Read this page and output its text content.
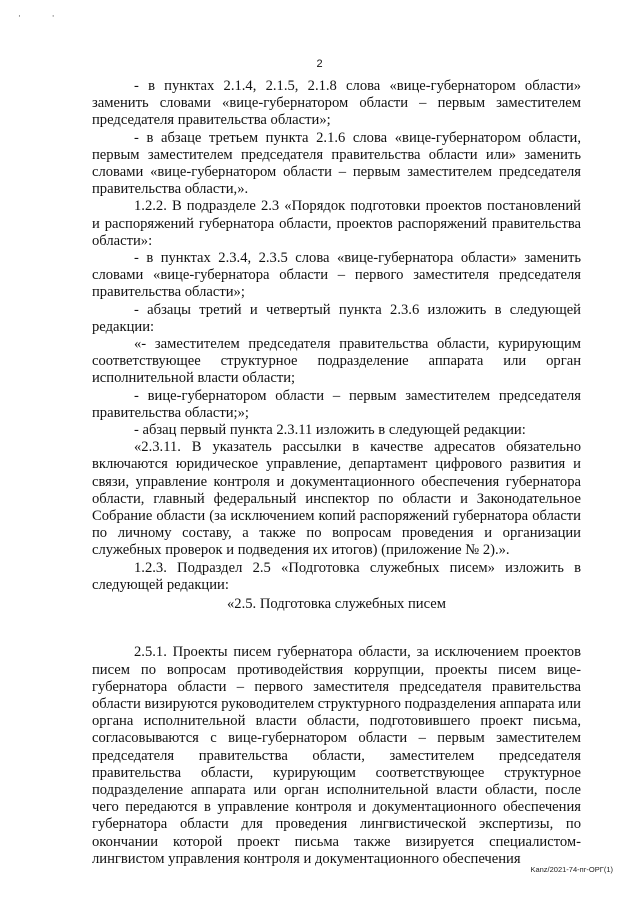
· ·
2

- в пунктах 2.1.4, 2.1.5, 2.1.8 слова «вице-губернатором области» заменить словами «вице-губернатором области – первым заместителем председателя правительства области»;

- в абзаце третьем пункта 2.1.6 слова «вице-губернатором области, первым заместителем председателя правительства области или» заменить словами «вице-губернатором области – первым заместителем председателя правительства области,».

1.2.2. В подразделе 2.3 «Порядок подготовки проектов постановлений и распоряжений губернатора области, проектов распоряжений правительства области»:

- в пунктах 2.3.4, 2.3.5 слова «вице-губернатора области» заменить словами «вице-губернатора области – первого заместителя председателя правительства области»;

- абзацы третий и четвертый пункта 2.3.6 изложить в следующей редакции:

«- заместителем председателя правительства области, курирующим соответствующее структурное подразделение аппарата или орган исполнительной власти области;

- вице-губернатором области – первым заместителем председателя правительства области;»;

- абзац первый пункта 2.3.11 изложить в следующей редакции:

«2.3.11. В указатель рассылки в качестве адресатов обязательно включаются юридическое управление, департамент цифрового развития и связи, управление контроля и документационного обеспечения губернатора области, главный федеральный инспектор по области и Законодательное Собрание области (за исключением копий распоряжений губернатора области по личному составу, а также по вопросам проведения и организации служебных проверок и подведения их итогов) (приложение № 2).».

1.2.3. Подраздел 2.5 «Подготовка служебных писем» изложить в следующей редакции:

«2.5. Подготовка служебных писем

2.5.1. Проекты писем губернатора области, за исключением проектов писем по вопросам противодействия коррупции, проекты писем вице-губернатора области – первого заместителя председателя правительства области визируются руководителем структурного подразделения аппарата или органа исполнительной власти области, подготовившего проект письма, согласовываются с вице-губернатором области – первым заместителем председателя правительства области, заместителем председателя правительства области, курирующим соответствующее структурное подразделение аппарата или орган исполнительной власти области, после чего передаются в управление контроля и документационного обеспечения губернатора области для проведения лингвистической экспертизы, по окончании которой проект письма также визируется специалистом-лингвистом управления контроля и документационного обеспечения

Kanz/2021-74-пг-ОРГ(1)
